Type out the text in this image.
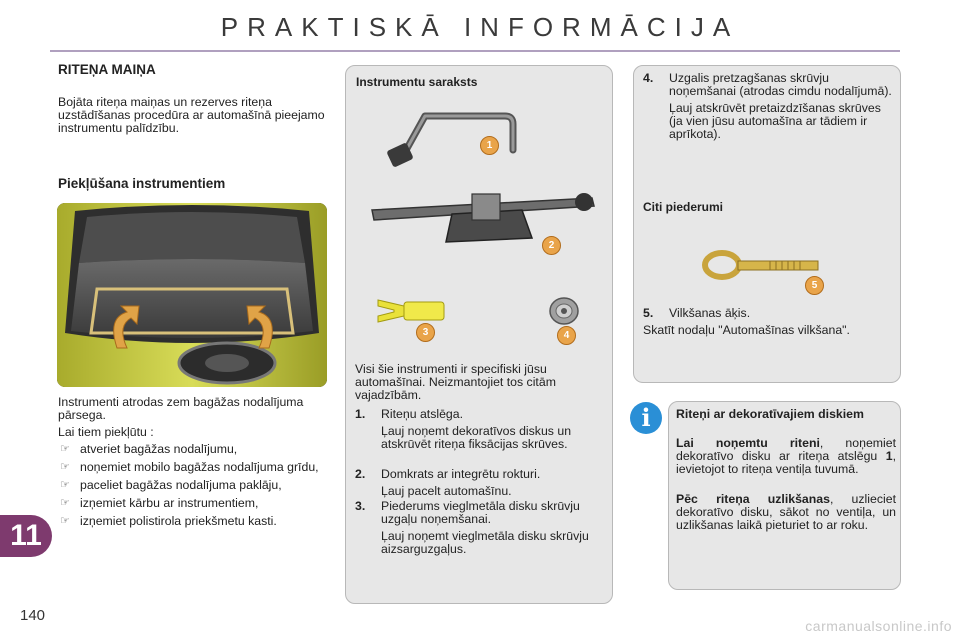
PRAKTISKĀ INFORMĀCIJA
RITEŅA MAIŅA
Bojāta riteņa maiņas un rezerves riteņa uzstādīšanas procedūra ar automašīnā pieejamo instrumentu palīdzību.
Piekļūšana instrumentiem
Instrumenti atrodas zem bagāžas nodalījuma pārsega.
Lai tiem piekļūtu :
☞ atveriet bagāžas nodalījumu,
☞ noņemiet mobilo bagāžas nodalījuma grīdu,
☞ paceliet bagāžas nodalījuma paklāju,
☞ izņemiet kārbu ar instrumentiem,
☞ izņemiet polistirola priekšmetu kasti.
Instrumentu saraksts
1
2
3	4
Visi šie instrumenti ir specifiski jūsu automašīnai. Neizmantojiet tos citām vajadzībām.
1. Riteņu atslēga.
Ļauj noņemt dekoratīvos diskus un atskrūvēt riteņa fiksācijas skrūves.
2. Domkrats ar integrētu rokturi.
Ļauj pacelt automašīnu.
3.	Piederums vieglmetāla disku skrūvju uzgaļu noņemšanai.
Ļauj noņemt vieglmetāla disku skrūvju aizsarguzgaļus.
4.	Uzgalis pretzagšanas skrūvju noņemšanai (atrodas cimdu nodalījumā).
Ļauj atskrūvēt pretaizdzīšanas skrūves (ja vien jūsu automašīna ar tādiem ir aprīkota).
Citi piederumi
5
5. Vilkšanas āķis.
Skatīt nodaļu "Automašīnas vilkšana".
i	Riteņi ar dekoratīvajiem diskiem
Lai noņemtu riteni, noņemiet dekoratīvo disku ar riteņa atslēgu 1, ievietojot to riteņa ventiļa tuvumā.
Pēc riteņa uzlikšanas, uzlieciet dekoratīvo disku, sākot no ventiļa, un uzlikšanas laikā pieturiet to ar roku.
11
140
carmanualsonline.info
